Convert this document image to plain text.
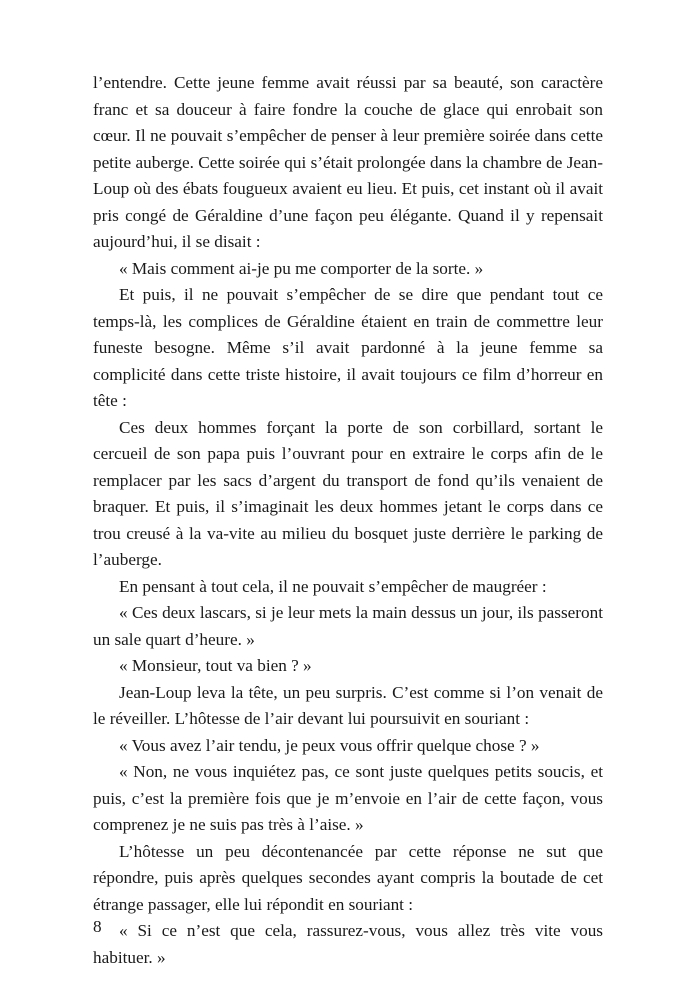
l’entendre. Cette jeune femme avait réussi par sa beauté, son caractère franc et sa douceur à faire fondre la couche de glace qui enrobait son cœur. Il ne pouvait s’empêcher de penser à leur première soirée dans cette petite auberge. Cette soirée qui s’était prolongée dans la chambre de Jean-Loup où des ébats fougueux avaient eu lieu. Et puis, cet instant où il avait pris congé de Géraldine d’une façon peu élégante. Quand il y repensait aujourd’hui, il se disait :

« Mais comment ai-je pu me comporter de la sorte. »

Et puis, il ne pouvait s’empêcher de se dire que pendant tout ce temps-là, les complices de Géraldine étaient en train de commettre leur funeste besogne. Même s’il avait pardonné à la jeune femme sa complicité dans cette triste histoire, il avait toujours ce film d’horreur en tête :

Ces deux hommes forçant la porte de son corbillard, sortant le cercueil de son papa puis l’ouvrant pour en extraire le corps afin de le remplacer par les sacs d’argent du transport de fond qu’ils venaient de braquer. Et puis, il s’imaginait les deux hommes jetant le corps dans ce trou creusé à la va-vite au milieu du bosquet juste derrière le parking de l’auberge.

En pensant à tout cela, il ne pouvait s’empêcher de maugréer :

« Ces deux lascars, si je leur mets la main dessus un jour, ils passeront un sale quart d’heure. »

« Monsieur, tout va bien ? »

Jean-Loup leva la tête, un peu surpris. C’est comme si l’on venait de le réveiller. L’hôtesse de l’air devant lui poursuivit en souriant :

« Vous avez l’air tendu, je peux vous offrir quelque chose ? »

« Non, ne vous inquiétez pas, ce sont juste quelques petits soucis, et puis, c’est la première fois que je m’envoie en l’air de cette façon, vous comprenez je ne suis pas très à l’aise. »

L’hôtesse un peu décontenancée par cette réponse ne sut que répondre, puis après quelques secondes ayant compris la boutade de cet étrange passager, elle lui répondit en souriant :

« Si ce n’est que cela, rassurez-vous, vous allez très vite vous habituer. »

8
